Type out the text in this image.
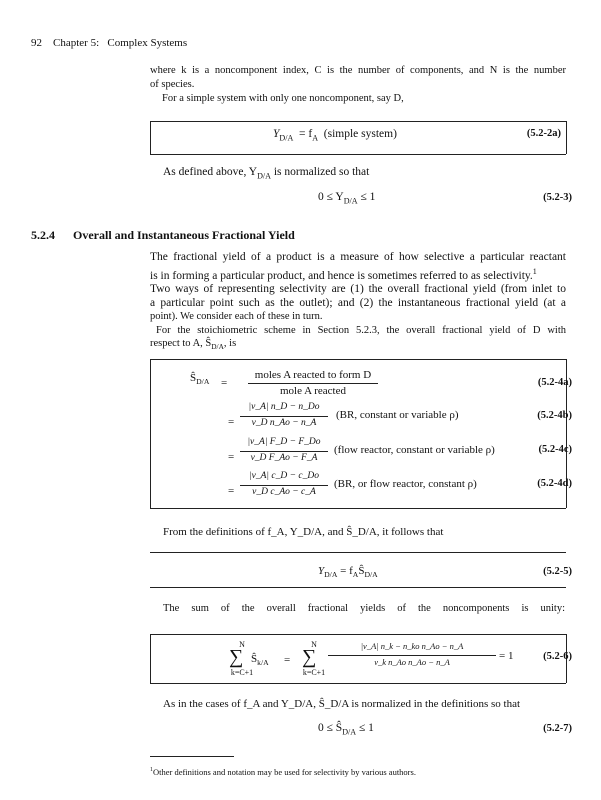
92 Chapter 5: Complex Systems
where k is a noncomponent index, C is the number of components, and N is the number
of species.
For a simple system with only one noncomponent, say D,
$Y_{D/A} = f_A$ (simple system)	(5.2-2a)
As defined above, $Y_{D/A}$ is normalized so that
$0 \le Y_{D/A} \le 1$	(5.2-3)
5.2.4 Overall and Instantaneous Fractional Yield
The fractional yield of a product is a measure of how selective a particular reactant
is in forming a particular product, and hence is sometimes referred to as selectivity.$^1$
Two ways of representing selectivity are (1) the overall fractional yield (from inlet to
a particular point such as the outlet); and (2) the instantaneous fractional yield (at a
point). We consider each of these in turn.
For the stoichiometric scheme in Section 5.2.3, the overall fractional yield of D with
respect to A, $Ŝ_{D/A}$, is
$Ŝ_{D/A}$ =
moles A reacted to form D
mole A reacted
(5.2-4a)
=
|ν_A| n_D − n_Do
ν_D n_Ao − n_A
(BR, constant or variable ρ)	(5.2-4b)
=
|ν_A| F_D − F_Do
ν_D F_Ao − F_A
(flow reactor, constant or variable ρ)	(5.2-4c)
=
|ν_A| c_D − c_Do
ν_D c_Ao − c_A
(BR, or flow reactor, constant ρ)	(5.2-4d)
From the definitions of f_A, Y_D/A, and Ŝ_D/A, it follows that
$Y_{D/A}$ = $f_AŜ_{D/A}$	(5.2-5)
The sum of the overall fractional yields of the noncomponents is unity:
N
∑
k=C+1
$Ŝ_{k/A}$ =
N
∑
k=C+1
|ν_A| n_k − n_ko n_Ao − n_A
ν_k n_Ao n_Ao − n_A	= 1	(5.2-6)
As in the cases of f_A and Y_D/A, Ŝ_D/A is normalized in the definitions so that
$0 \le Ŝ_{D/A} \le 1$	(5.2-7)
$^1$Other definitions and notation may be used for selectivity by various authors.
